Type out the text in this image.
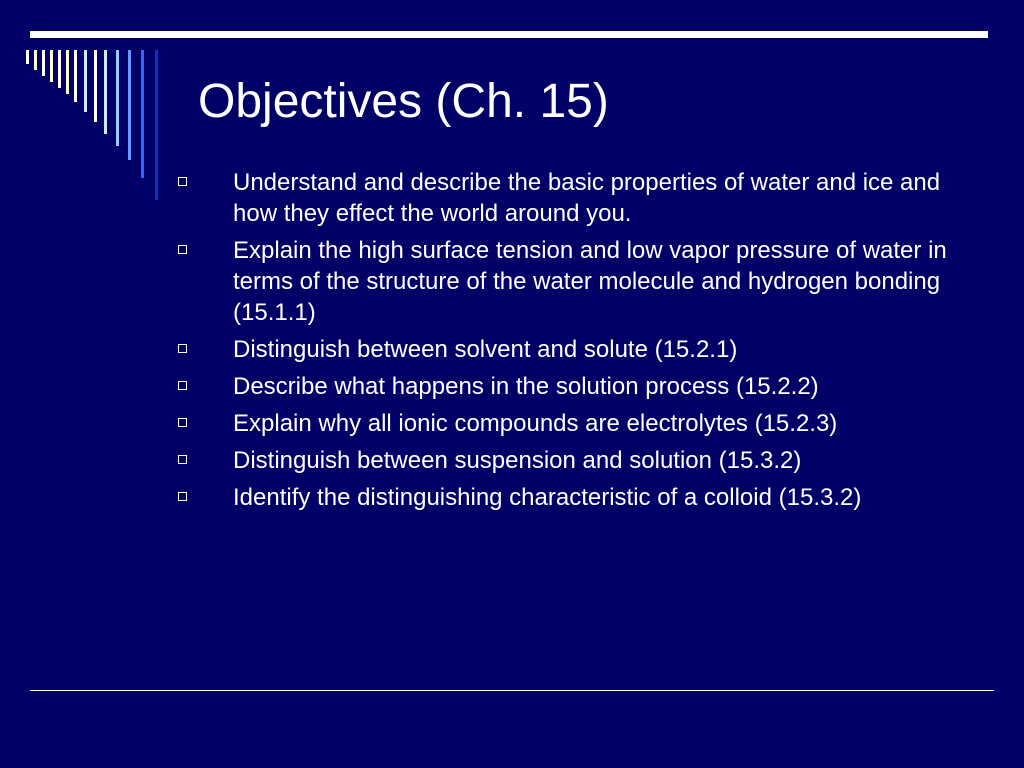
Objectives (Ch. 15)
Understand and describe the basic properties of water and ice and how they effect the world around you.
Explain the high surface tension and low vapor pressure of water in terms of the structure of the water molecule and hydrogen bonding (15.1.1)
Distinguish between solvent and solute (15.2.1)
Describe what happens in the solution process (15.2.2)
Explain why all ionic compounds are electrolytes (15.2.3)
Distinguish between suspension and solution (15.3.2)
Identify the distinguishing characteristic of a colloid (15.3.2)
